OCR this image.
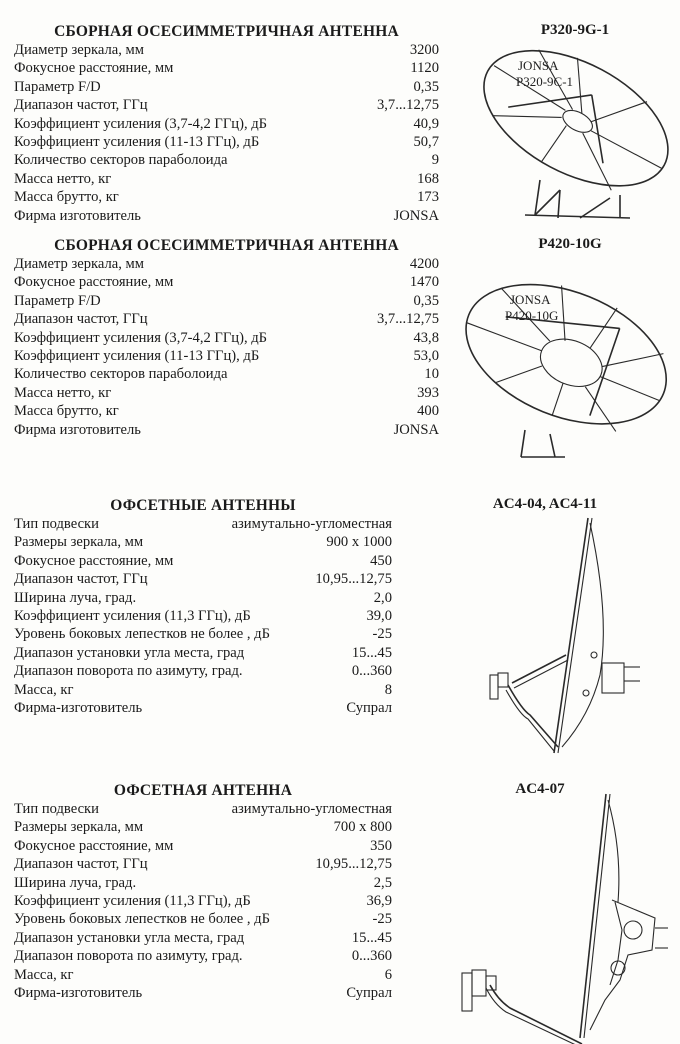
СБОРНАЯ ОСЕСИММЕТРИЧНАЯ АНТЕННА
Диаметр зеркала, мм	3200
Фокусное расстояние, мм	1120
Параметр F/D	0,35
Диапазон частот, ГГц	3,7...12,75
Коэффициент усиления (3,7-4,2 ГГц), дБ	40,9
Коэффициент усиления (11-13 ГГц), дБ	50,7
Количество секторов параболоида	9
Масса нетто, кг	168
Масса брутто, кг	173
Фирма изготовитель	JONSA
P320-9G-1
СБОРНАЯ ОСЕСИММЕТРИЧНАЯ АНТЕННА
Диаметр зеркала, мм	4200
Фокусное расстояние, мм	1470
Параметр F/D	0,35
Диапазон частот, ГГц	3,7...12,75
Коэффициент усиления (3,7-4,2 ГГц), дБ	43,8
Коэффициент усиления (11-13 ГГц), дБ	53,0
Количество секторов параболоида	10
Масса нетто, кг	393
Масса брутто, кг	400
Фирма изготовитель	JONSA
P420-10G
ОФСЕТНЫЕ АНТЕННЫ
Тип подвески	азимутально-угломестная
Размеры зеркала, мм	900 x 1000
Фокусное расстояние, мм	450
Диапазон частот, ГГц	10,95...12,75
Ширина луча, град.	2,0
Коэффициент усиления (11,3 ГГц), дБ	39,0
Уровень боковых лепестков не более , дБ	-25
Диапазон установки угла места, град	15...45
Диапазон поворота по азимуту, град.	0...360
Масса, кг	8
Фирма-изготовитель	Супрал
AC4-04, AC4-11
ОФСЕТНАЯ АНТЕННА
Тип подвески	азимутально-угломестная
Размеры зеркала, мм	700 x 800
Фокусное расстояние, мм	350
Диапазон частот, ГГц	10,95...12,75
Ширина луча, град.	2,5
Коэффициент усиления (11,3 ГГц), дБ	36,9
Уровень боковых лепестков не более , дБ	-25
Диапазон установки угла места, град	15...45
Диапазон поворота по азимуту, град.	0...360
Масса, кг	6
Фирма-изготовитель	Супрал
AC4-07
JONSA
P320-9C-1
JONSA
P420-10G
